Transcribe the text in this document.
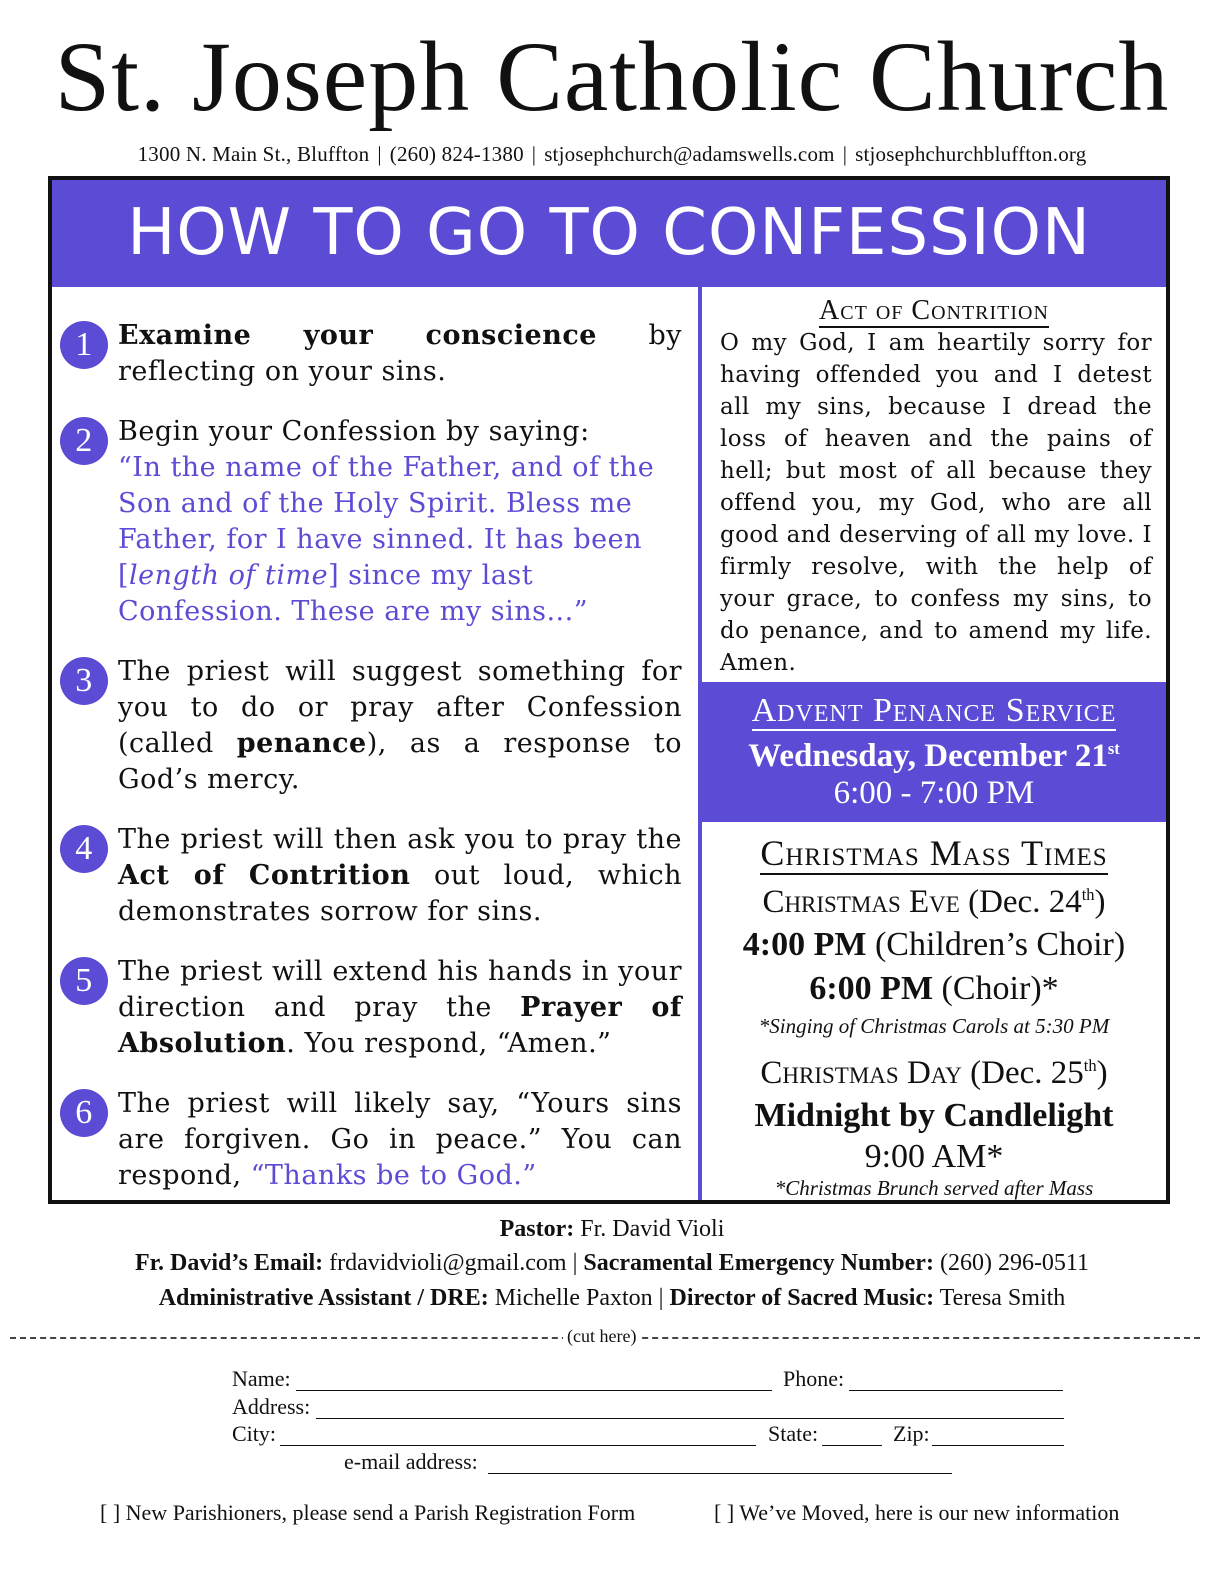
St. Joseph Catholic Church
1300 N. Main St., Bluffton | (260) 824-1380 | stjosephchurch@adamswells.com | stjosephchurchbluffton.org
HOW TO GO TO CONFESSION
1 Examine your conscience by reflecting on your sins.
2 Begin your Confession by saying:
“In the name of the Father, and of the Son and of the Holy Spirit. Bless me Father, for I have sinned. It has been [length of time] since my last Confession. These are my sins...”
3 The priest will suggest something for you to do or pray after Confession (called penance), as a response to God’s mercy.
4 The priest will then ask you to pray the Act of Contrition out loud, which demonstrates sorrow for sins.
5 The priest will extend his hands in your direction and pray the Prayer of Absolution. You respond, “Amen.”
6 The priest will likely say, “Yours sins are forgiven. Go in peace.” You can respond, “Thanks be to God.”
Act of Contrition
O my God, I am heartily sorry for having offended you and I detest all my sins, because I dread the loss of heaven and the pains of hell; but most of all because they offend you, my God, who are all good and deserving of all my love. I firmly resolve, with the help of your grace, to confess my sins, to do penance, and to amend my life. Amen.
Advent Penance Service
Wednesday, December 21st
6:00 - 7:00 PM
Christmas Mass Times
Christmas Eve (Dec. 24th)
4:00 PM (Children’s Choir)
6:00 PM (Choir)*
*Singing of Christmas Carols at 5:30 PM
Christmas Day (Dec. 25th)
Midnight by Candlelight
9:00 AM*
*Christmas Brunch served after Mass
Pastor: Fr. David Violi
Fr. David’s Email: frdavidvioli@gmail.com | Sacramental Emergency Number: (260) 296-0511
Administrative Assistant / DRE: Michelle Paxton | Director of Sacred Music: Teresa Smith
(cut here)
Name:	Phone:
Address:
City:	State:	Zip:
e-mail address:
[ ] New Parishioners, please send a Parish Registration Form	[ ] We’ve Moved, here is our new information
